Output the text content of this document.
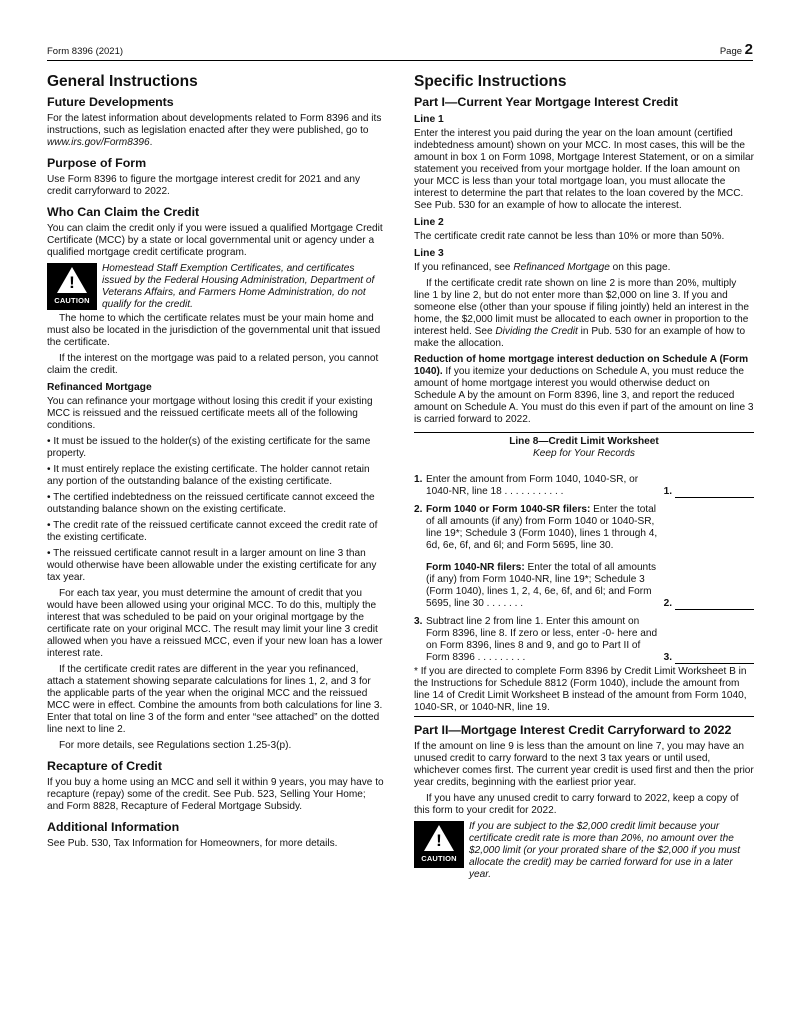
Form 8396 (2021)	Page 2
General Instructions
Future Developments

For the latest information about developments related to Form 8396 and its instructions, such as legislation enacted after they were published, go to www.irs.gov/Form8396.

Purpose of Form

Use Form 8396 to figure the mortgage interest credit for 2021 and any credit carryforward to 2022.

Who Can Claim the Credit

You can claim the credit only if you were issued a qualified Mortgage Credit Certificate (MCC) by a state or local governmental unit or agency under a qualified mortgage credit certificate program.

!
CAUTION
Homestead Staff Exemption Certificates, and certificates issued by the Federal Housing Administration, Department of Veterans Affairs, and Farmers Home Administration, do not qualify for the credit.

The home to which the certificate relates must be your main home and must also be located in the jurisdiction of the governmental unit that issued the certificate.

If the interest on the mortgage was paid to a related person, you cannot claim the credit.

Refinanced Mortgage

You can refinance your mortgage without losing this credit if your existing MCC is reissued and the reissued certificate meets all of the following conditions.

• It must be issued to the holder(s) of the existing certificate for the same property.

• It must entirely replace the existing certificate. The holder cannot retain any portion of the outstanding balance of the existing certificate.

• The certified indebtedness on the reissued certificate cannot exceed the outstanding balance shown on the existing certificate.

• The credit rate of the reissued certificate cannot exceed the credit rate of the existing certificate.

• The reissued certificate cannot result in a larger amount on line 3 than would otherwise have been allowable under the existing certificate for any tax year.

For each tax year, you must determine the amount of credit that you would have been allowed using your original MCC. To do this, multiply the interest that was scheduled to be paid on your original mortgage by the certificate rate on your original MCC. The result may limit your line 3 credit allowed when you have a reissued MCC, even if your new loan has a lower interest rate.

If the certificate credit rates are different in the year you refinanced, attach a statement showing separate calculations for lines 1, 2, and 3 for the applicable parts of the year when the original MCC and the reissued MCC were in effect. Combine the amounts from both calculations for line 3. Enter that total on line 3 of the form and enter “see attached” on the dotted line next to line 2.

For more details, see Regulations section 1.25-3(p).

Recapture of Credit

If you buy a home using an MCC and sell it within 9 years, you may have to recapture (repay) some of the credit. See Pub. 523, Selling Your Home; and Form 8828, Recapture of Federal Mortgage Subsidy.

Additional Information

See Pub. 530, Tax Information for Homeowners, for more details.

Specific Instructions
Part I—Current Year Mortgage Interest Credit
Line 1

Enter the interest you paid during the year on the loan amount (certified indebtedness amount) shown on your MCC. In most cases, this will be the amount in box 1 on Form 1098, Mortgage Interest Statement, or on a similar statement you received from your mortgage holder. If the loan amount on your MCC is less than your total mortgage loan, you must allocate the interest to determine the part that relates to the loan covered by the MCC. See Pub. 530 for an example of how to allocate the interest.

Line 2

The certificate credit rate cannot be less than 10% or more than 50%.

Line 3

If you refinanced, see Refinanced Mortgage on this page.

If the certificate credit rate shown on line 2 is more than 20%, multiply line 1 by line 2, but do not enter more than $2,000 on line 3. If you and someone else (other than your spouse if filing jointly) held an interest in the home, the $2,000 limit must be allocated to each owner in proportion to the interest held. See Dividing the Credit in Pub. 530 for an example of how to make the allocation.

Reduction of home mortgage interest deduction on Schedule A (Form 1040). If you itemize your deductions on Schedule A, you must reduce the amount of home mortgage interest you would otherwise deduct on Schedule A by the amount on Form 8396, line 3, and report the reduced amount on Schedule A. You must do this even if part of the amount on line 3 is carried forward to 2022.

Line 8—Credit Limit Worksheet
Keep for Your Records
1. Enter the amount from Form 1040, 1040-SR, or 1040-NR, line 18 . . . . . . . . . . .	1.
2. Form 1040 or Form 1040-SR filers: Enter the total of all amounts (if any) from Form 1040 or 1040-SR, line 19*; Schedule 3 (Form 1040), lines 1 through 4, 6d, 6e, 6f, and 6l; and Form 5695, line 30.
Form 1040-NR filers: Enter the total of all amounts (if any) from Form 1040-NR, line 19*; Schedule 3 (Form 1040), lines 1, 2, 4, 6e, 6f, and 6l; and Form 5695, line 30 . . . . . . .	2.
3. Subtract line 2 from line 1. Enter this amount on Form 8396, line 8. If zero or less, enter -0- here and on Form 8396, lines 8 and 9, and go to Part II of Form 8396 . . . . . . . . .	3.
* If you are directed to complete Form 8396 by Credit Limit Worksheet B in the Instructions for Schedule 8812 (Form 1040), include the amount from line 14 of Credit Limit Worksheet B instead of the amount from Form 1040, 1040-SR, or 1040-NR, line 19.
Part II—Mortgage Interest Credit Carryforward to 2022

If the amount on line 9 is less than the amount on line 7, you may have an unused credit to carry forward to the next 3 tax years or until used, whichever comes first. The current year credit is used first and then the prior year credits, beginning with the earliest prior year.

If you have any unused credit to carry forward to 2022, keep a copy of this form to your credit for 2022.

!
CAUTION
If you are subject to the $2,000 credit limit because your certificate credit rate is more than 20%, no amount over the $2,000 limit (or your prorated share of the $2,000 if you must allocate the credit) may be carried forward for use in a later year.
